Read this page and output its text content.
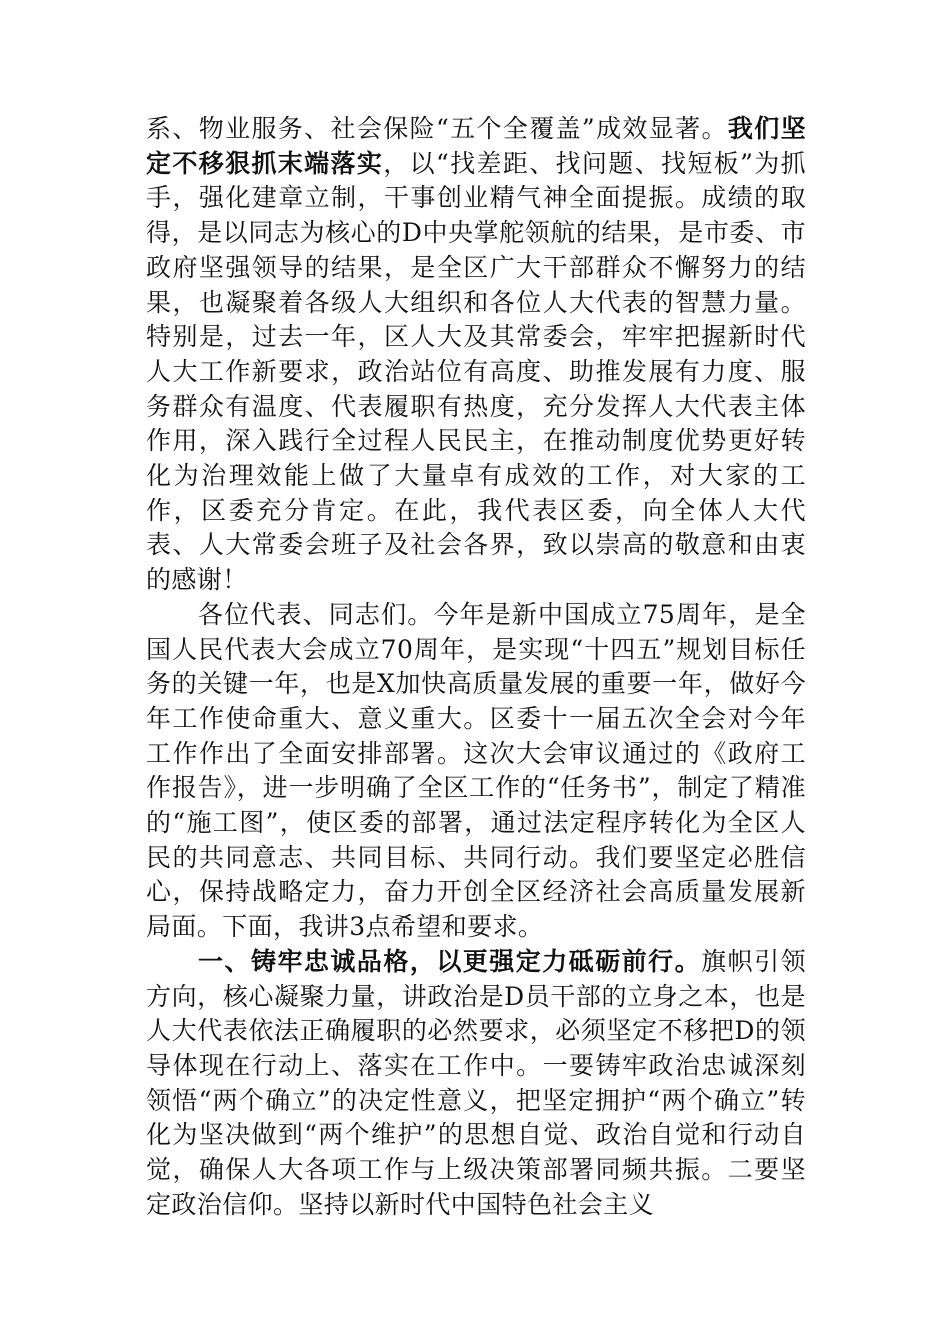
系、物业服务、社会保险“五个全覆盖”成效显著。我们坚定不移狠抓末端落实，以“找差距、找问题、找短板”为抓手，强化建章立制，干事创业精气神全面提振。成绩的取得，是以同志为核心的D中央掌舵领航的结果，是市委、市政府坚强领导的结果，是全区广大干部群众不懈努力的结果，也凝聚着各级人大组织和各位人大代表的智慧力量。特别是，过去一年，区人大及其常委会，牢牢把握新时代人大工作新要求，政治站位有高度、助推发展有力度、服务群众有温度、代表履职有热度，充分发挥人大代表主体作用，深入践行全过程人民民主，在推动制度优势更好转化为治理效能上做了大量卓有成效的工作，对大家的工作，区委充分肯定。在此，我代表区委，向全体人大代表、人大常委会班子及社会各界，致以崇高的敬意和由衷的感谢！

各位代表、同志们。今年是新中国成立75周年，是全国人民代表大会成立70周年，是实现“十四五”规划目标任务的关键一年，也是X加快高质量发展的重要一年，做好今年工作使命重大、意义重大。区委十一届五次全会对今年工作作出了全面安排部署。这次大会审议通过的《政府工作报告》，进一步明确了全区工作的“任务书”，制定了精准的“施工图”，使区委的部署，通过法定程序转化为全区人民的共同意志、共同目标、共同行动。我们要坚定必胜信心，保持战略定力，奋力开创全区经济社会高质量发展新局面。下面，我讲3点希望和要求。

一、铸牢忠诚品格，以更强定力砥砺前行。旗帜引领方向，核心凝聚力量，讲政治是D员干部的立身之本，也是人大代表依法正确履职的必然要求，必须坚定不移把D的领导体现在行动上、落实在工作中。一要铸牢政治忠诚深刻领悟“两个确立”的决定性意义，把坚定拥护“两个确立”转化为坚决做到“两个维护”的思想自觉、政治自觉和行动自觉，确保人大各项工作与上级决策部署同频共振。二要坚定政治信仰。坚持以新时代中国特色社会主义
